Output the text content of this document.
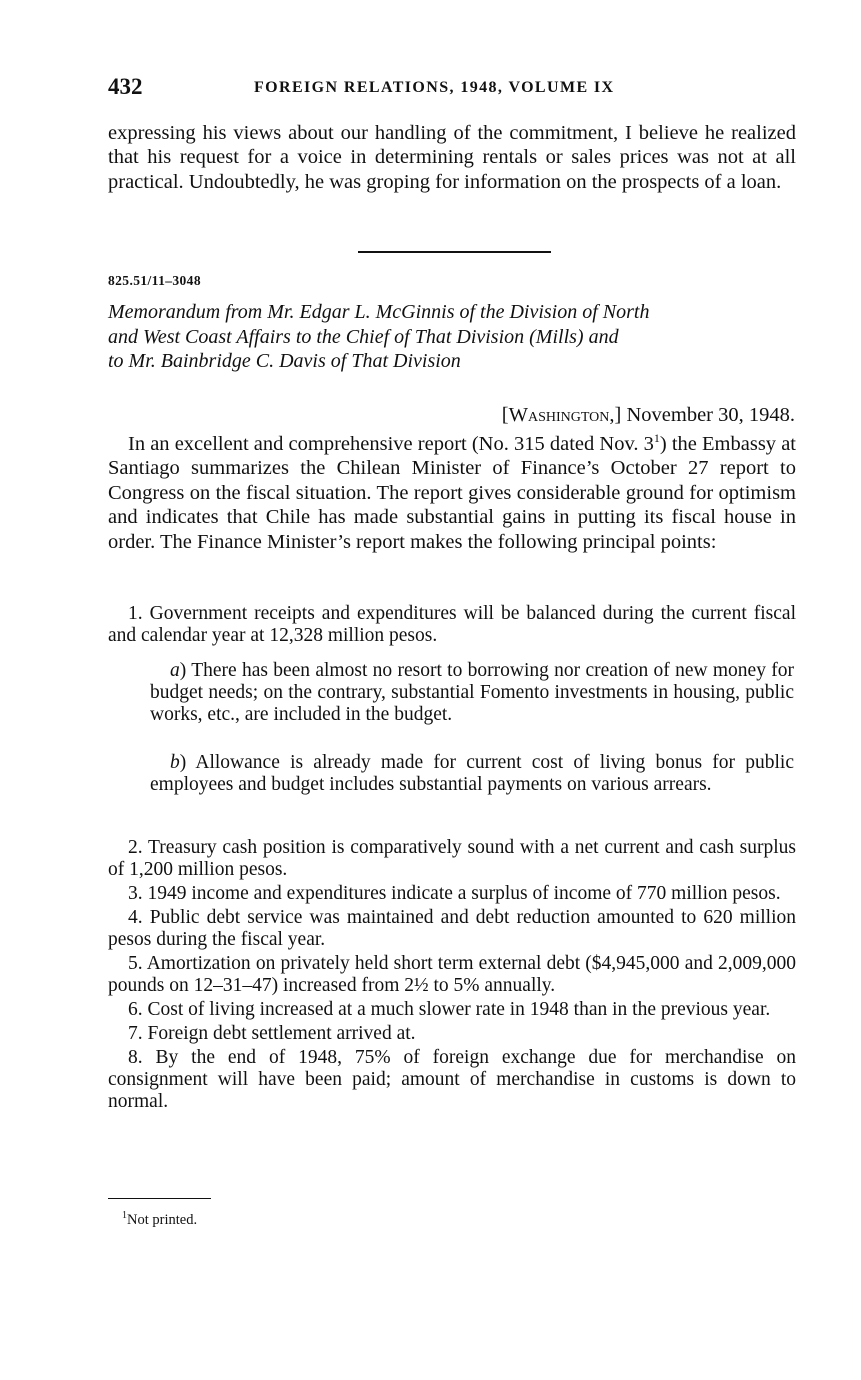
432	FOREIGN RELATIONS, 1948, VOLUME IX

expressing his views about our handling of the commitment, I believe he realized that his request for a voice in determining rentals or sales prices was not at all practical. Undoubtedly, he was groping for information on the prospects of a loan.

825.51/11–3048

Memorandum from Mr. Edgar L. McGinnis of the Division of North
and West Coast Affairs to the Chief of That Division (Mills) and
to Mr. Bainbridge C. Davis of That Division

[Washington,] November 30, 1948.

In an excellent and comprehensive report (No. 315 dated Nov. $3^1$) the Embassy at Santiago summarizes the Chilean Minister of Finance’s October 27 report to Congress on the fiscal situation. The report gives considerable ground for optimism and indicates that Chile has made substantial gains in putting its fiscal house in order. The Finance Minister’s report makes the following principal points:

1. Government receipts and expenditures will be balanced during the current fiscal and calendar year at 12,328 million pesos.

a) There has been almost no resort to borrowing nor creation of new money for budget needs; on the contrary, substantial Fomento investments in housing, public works, etc., are included in the budget.

b) Allowance is already made for current cost of living bonus for public employees and budget includes substantial payments on various arrears.

2. Treasury cash position is comparatively sound with a net current and cash surplus of 1,200 million pesos.

3. 1949 income and expenditures indicate a surplus of income of 770 million pesos.

4. Public debt service was maintained and debt reduction amounted to 620 million pesos during the fiscal year.

5. Amortization on privately held short term external debt ($4,945,000 and 2,009,000 pounds on 12–31–47) increased from 2½ to 5% annually.

6. Cost of living increased at a much slower rate in 1948 than in the previous year.

7. Foreign debt settlement arrived at.

8. By the end of 1948, 75% of foreign exchange due for merchandise on consignment will have been paid; amount of merchandise in customs is down to normal.

$^1$Not printed.
